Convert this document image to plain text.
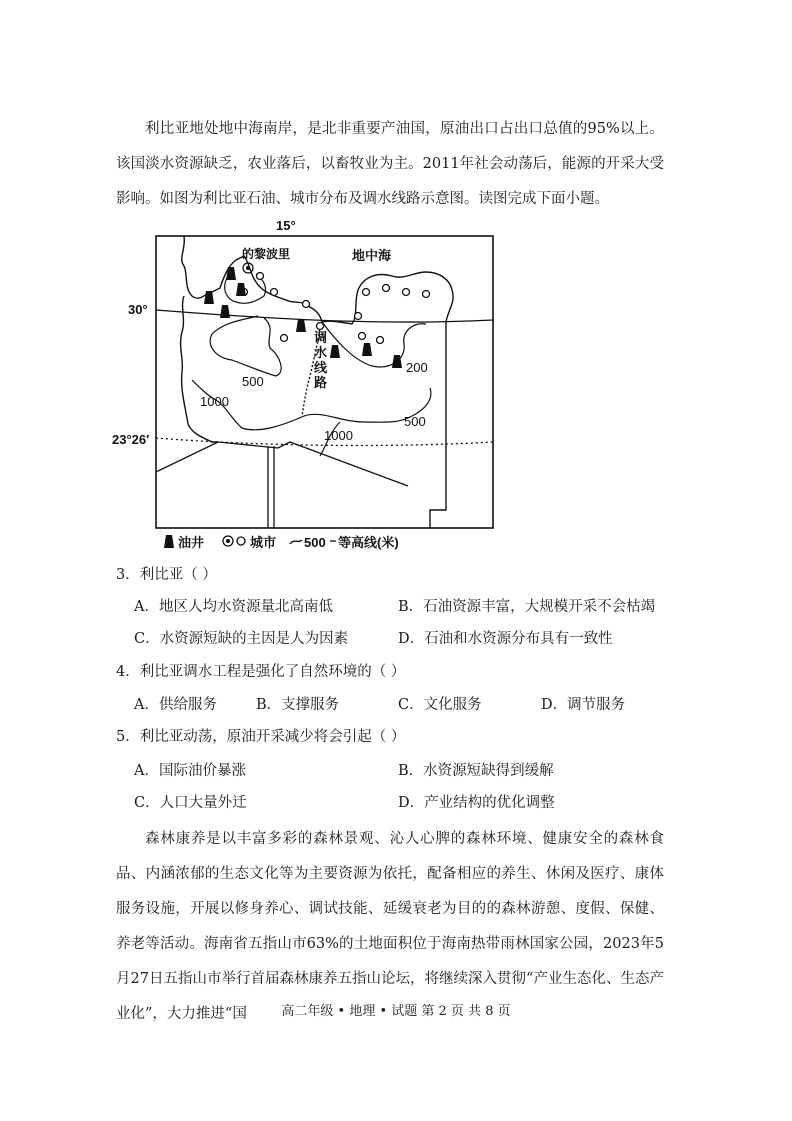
利比亚地处地中海南岸，是北非重要产油国，原油出口占出口总值的95%以上。该国淡水资源缺乏，农业落后，以畜牧业为主。2011年社会动荡后，能源的开采大受影响。如图为利比亚石油、城市分布及调水线路示意图。读图完成下面小题。

15°
30°
23°26′
500
200
1000
500
1000
调
水
线
路
的黎波里	地中海
油井	城市 500 等高线(米)
3．利比亚（ ）
A．地区人均水资源量北高南低	B．石油资源丰富，大规模开采不会枯竭
C．水资源短缺的主因是人为因素	D．石油和水资源分布具有一致性
4．利比亚调水工程是强化了自然环境的（ ）
A．供给服务	B．支撑服务	C．文化服务	D．调节服务
5．利比亚动荡，原油开采减少将会引起（ ）
A．国际油价暴涨	B．水资源短缺得到缓解
C．人口大量外迁	D．产业结构的优化调整

森林康养是以丰富多彩的森林景观、沁人心脾的森林环境、健康安全的森林食品、内涵浓郁的生态文化等为主要资源为依托，配备相应的养生、休闲及医疗、康体服务设施，开展以修身养心、调试技能、延缓衰老为目的的森林游憩、度假、保健、养老等活动。海南省五指山市63%的土地面积位于海南热带雨林国家公园，2023年5月27日五指山市举行首届森林康养五指山论坛，将继续深入贯彻“产业生态化、生态产业化”，大力推进“国	高二年级 • 地理 • 试题 第 2 页 共 8 页
